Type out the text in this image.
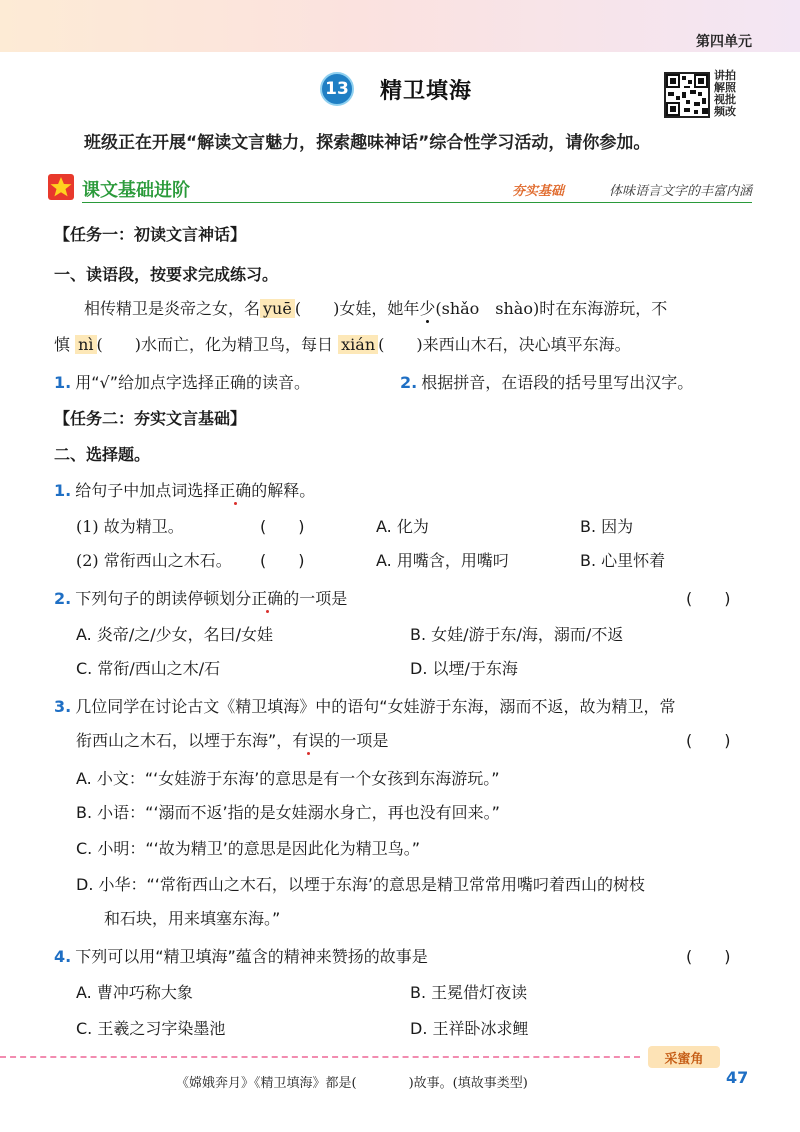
第四单元
13 精卫填海
讲拍
解照
视批
频改
班级正在开展“解读文言魅力，探索趣味神话”综合性学习活动，请你参加。
课文基础进阶	夯实基础	体味语言文字的丰富内涵
【任务一：初读文言神话】
一、读语段，按要求完成练习。
相传精卫是炎帝之女，名 yuē (　　)女娃，她年少(shǎo　shào)时在东海游玩，不
慎 nì (　　)水而亡，化为精卫鸟，每日 xián (　　)来西山木石，决心填平东海。
1. 用“√”给加点字选择正确的读音。	2. 根据拼音，在语段的括号里写出汉字。
【任务二：夯实文言基础】
二、选择题。
1. 给句子中加点词选择正确的解释。
(1) 故为精卫。	(　　)	A. 化为	B. 因为
(2) 常衔西山之木石。 (　　)	A. 用嘴含，用嘴叼	B. 心里怀着
2. 下列句子的朗读停顿划分正确的一项是	(　　)
A. 炎帝/之/少女，名曰/女娃	B. 女娃/游于东/海，溺而/不返
C. 常衔/西山之木/石	D. 以堙/于东海
3. 几位同学在讨论古文《精卫填海》中的语句“女娃游于东海，溺而不返，故为精卫，常
衔西山之木石，以堙于东海”，有误的一项是	(　　)
A. 小文：“‘女娃游于东海’的意思是有一个女孩到东海游玩。”
B. 小语：“‘溺而不返’指的是女娃溺水身亡，再也没有回来。”
C. 小明：“‘故为精卫’的意思是因此化为精卫鸟。”
D. 小华：“‘常衔西山之木石，以堙于东海’的意思是精卫常常用嘴叼着西山的树枝
和石块，用来填塞东海。”
4. 下列可以用“精卫填海”蕴含的精神来赞扬的故事是	(　　)
A. 曹冲巧称大象	B. 王冕借灯夜读
C. 王羲之习字染墨池	D. 王祥卧冰求鲤
采蜜角
《嫦娥奔月》《精卫填海》都是(　　　　)故事。(填故事类型)	47
